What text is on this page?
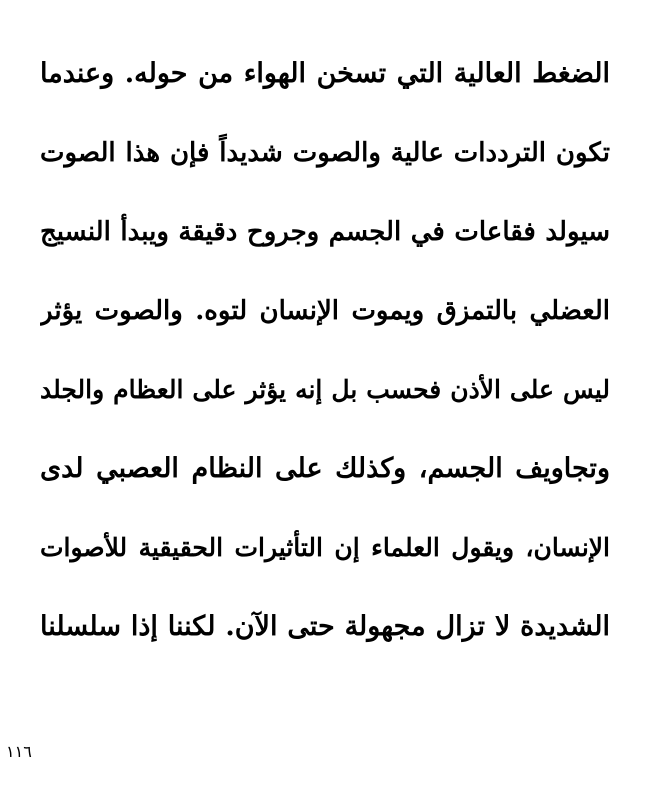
الضغط العالية التي تسخن الهواء من حوله. وعندما
تكون الترددات عالية والصوت شديداً فإن هذا الصوت
سيولد فقاعات في الجسم وجروح دقيقة ويبدأ النسيج
العضلي بالتمزق ويموت الإنسان لتوه. والصوت يؤثر
ليس على الأذن فحسب بل إنه يؤثر على العظام والجلد
وتجاويف الجسم، وكذلك على النظام العصبي لدى
الإنسان، ويقول العلماء إن التأثيرات الحقيقية للأصوات
الشديدة لا تزال مجهولة حتى الآن. لكننا إذا سلسلنا
١١٦
